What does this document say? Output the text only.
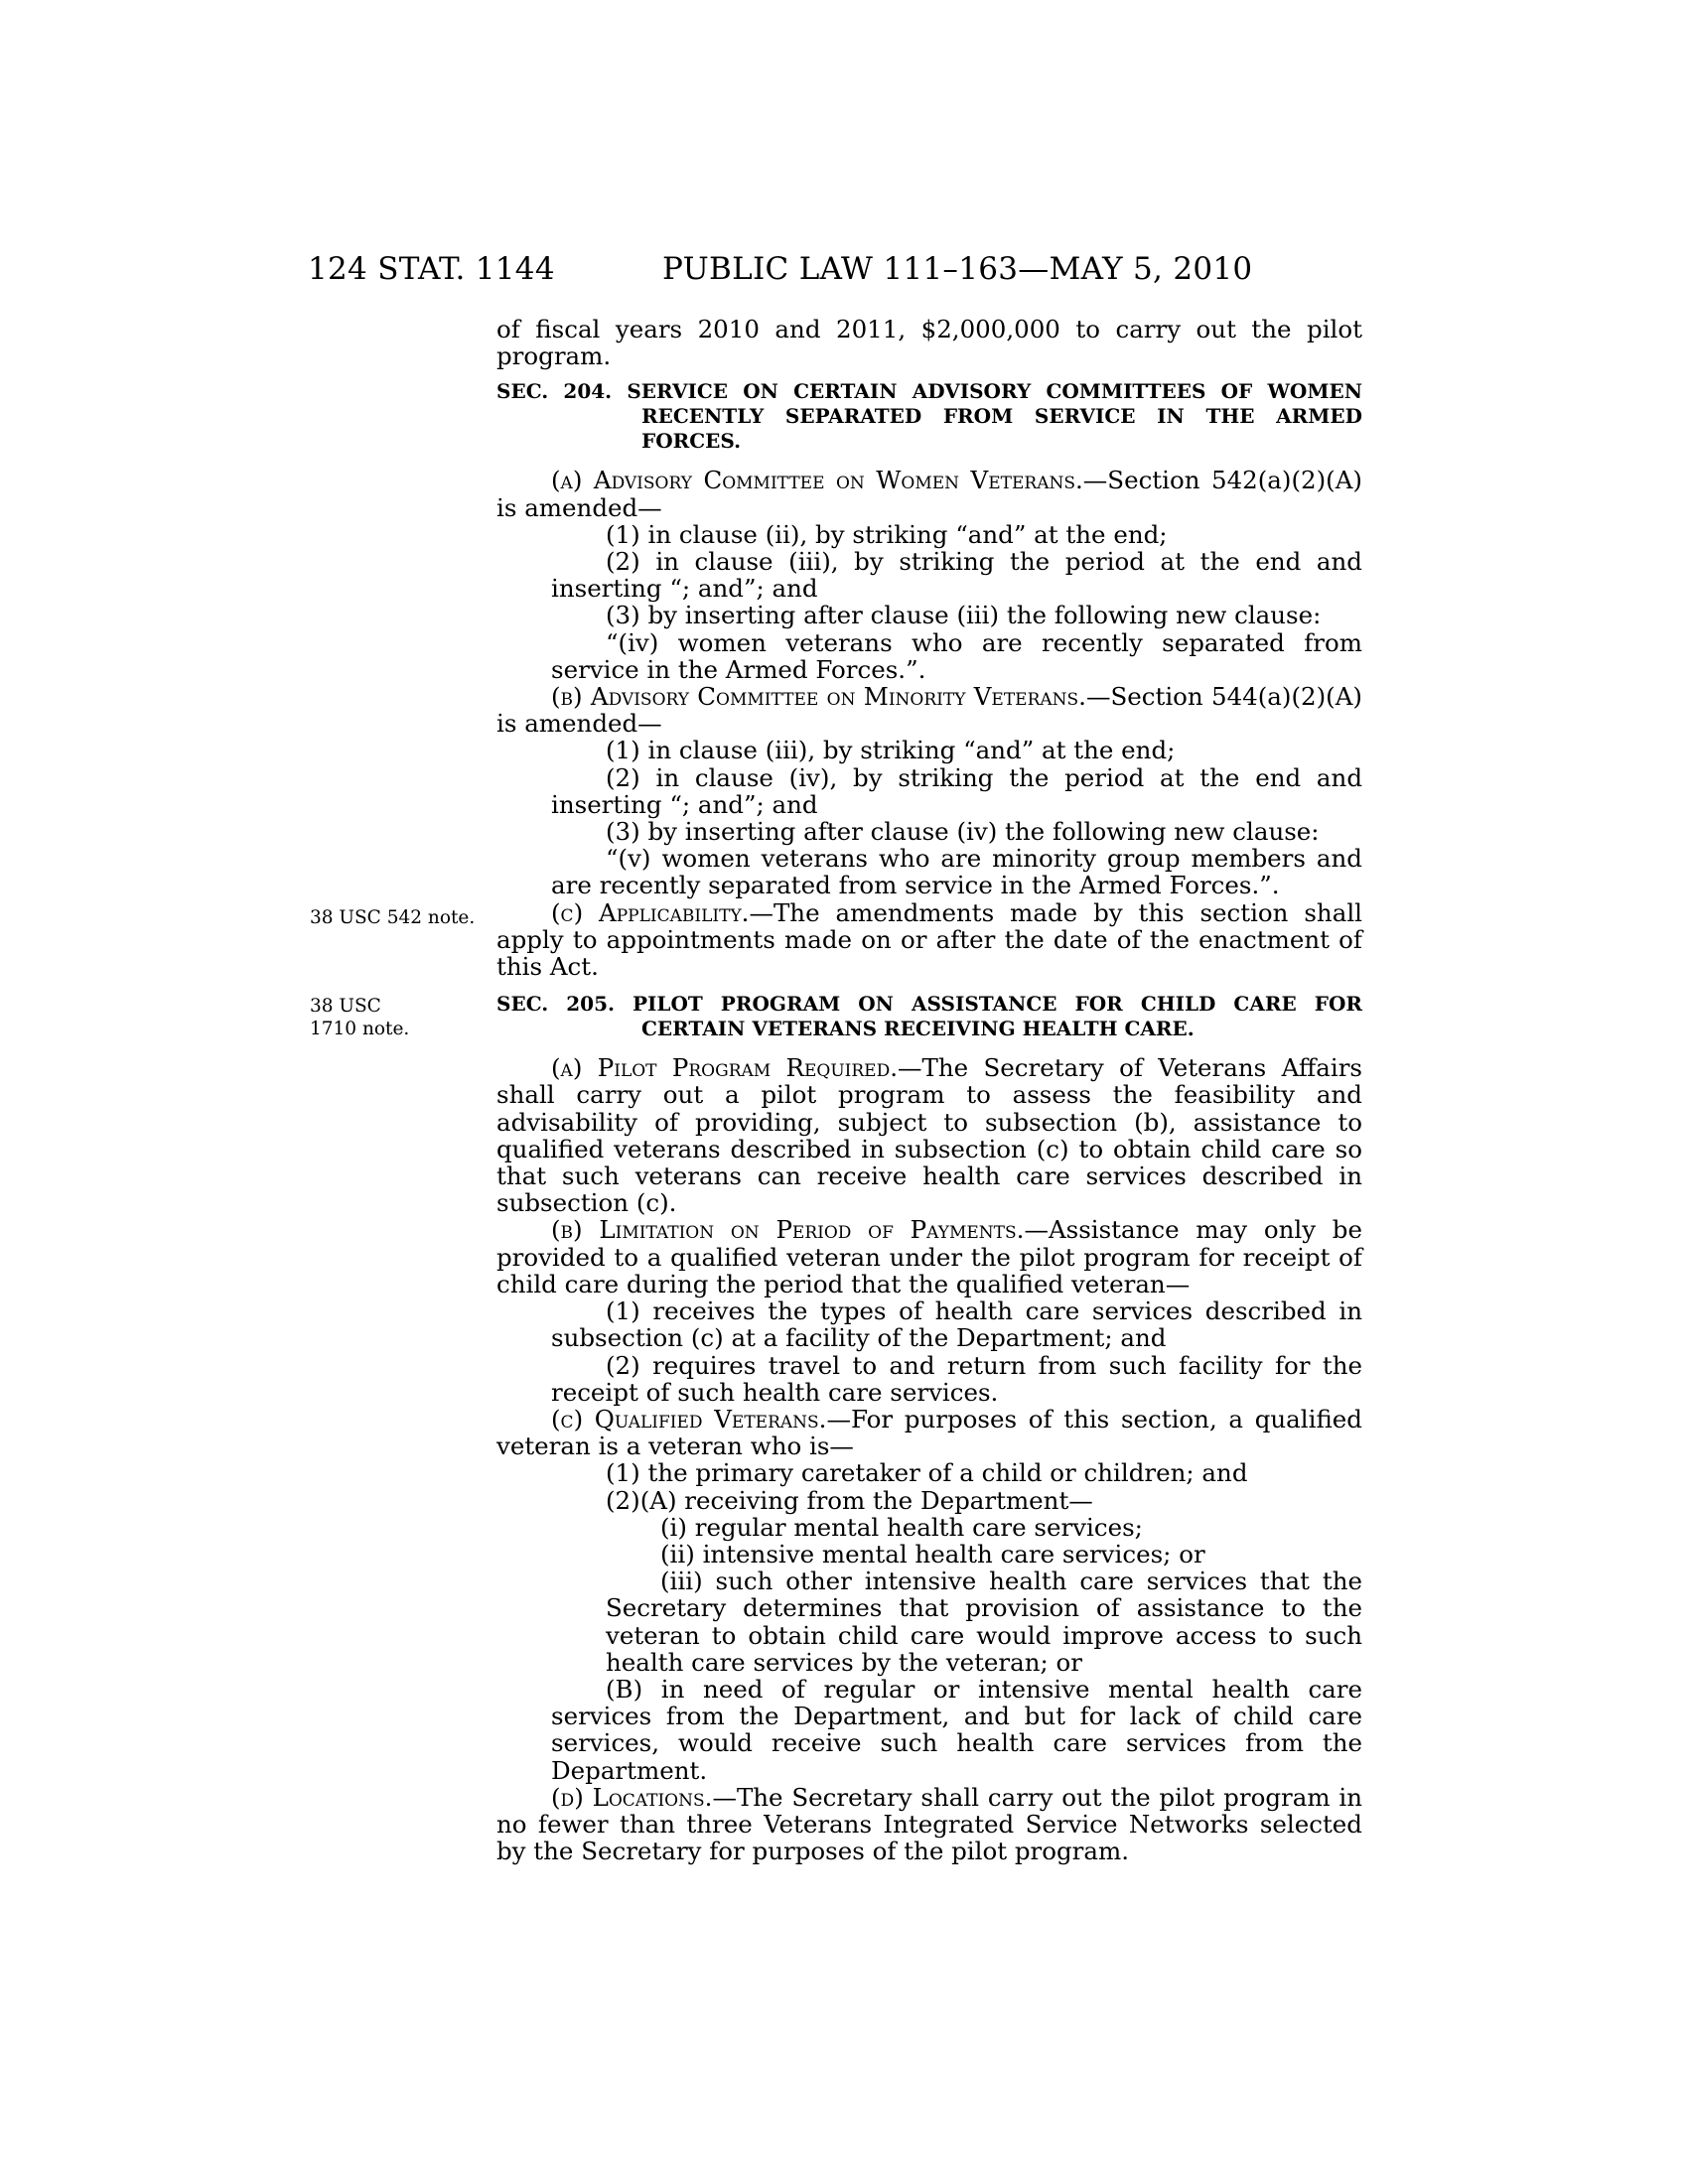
124 STAT. 1144	PUBLIC LAW 111–163—MAY 5, 2010
38 USC 542 note.
38 USC 1710 note.

of fiscal years 2010 and 2011, $2,000,000 to carry out the pilot program.

SEC. 204. SERVICE ON CERTAIN ADVISORY COMMITTEES OF WOMEN RECENTLY SEPARATED FROM SERVICE IN THE ARMED FORCES.

(a) Advisory Committee on Women Veterans.—Section 542(a)(2)(A) is amended—

(1) in clause (ii), by striking “and” at the end;

(2) in clause (iii), by striking the period at the end and inserting “; and”; and

(3) by inserting after clause (iii) the following new clause:

“(iv) women veterans who are recently separated from service in the Armed Forces.”.

(b) Advisory Committee on Minority Veterans.—Section 544(a)(2)(A) is amended—

(1) in clause (iii), by striking “and” at the end;

(2) in clause (iv), by striking the period at the end and inserting “; and”; and

(3) by inserting after clause (iv) the following new clause:

“(v) women veterans who are minority group members and are recently separated from service in the Armed Forces.”.

(c) Applicability.—The amendments made by this section shall apply to appointments made on or after the date of the enactment of this Act.

SEC. 205. PILOT PROGRAM ON ASSISTANCE FOR CHILD CARE FOR CERTAIN VETERANS RECEIVING HEALTH CARE.

(a) Pilot Program Required.—The Secretary of Veterans Affairs shall carry out a pilot program to assess the feasibility and advisability of providing, subject to subsection (b), assistance to qualified veterans described in subsection (c) to obtain child care so that such veterans can receive health care services described in subsection (c).

(b) Limitation on Period of Payments.—Assistance may only be provided to a qualified veteran under the pilot program for receipt of child care during the period that the qualified veteran—

(1) receives the types of health care services described in subsection (c) at a facility of the Department; and

(2) requires travel to and return from such facility for the receipt of such health care services.

(c) Qualified Veterans.—For purposes of this section, a qualified veteran is a veteran who is—

(1) the primary caretaker of a child or children; and

(2)(A) receiving from the Department—

(i) regular mental health care services;

(ii) intensive mental health care services; or

(iii) such other intensive health care services that the Secretary determines that provision of assistance to the veteran to obtain child care would improve access to such health care services by the veteran; or

(B) in need of regular or intensive mental health care services from the Department, and but for lack of child care services, would receive such health care services from the Department.

(d) Locations.—The Secretary shall carry out the pilot program in no fewer than three Veterans Integrated Service Networks selected by the Secretary for purposes of the pilot program.
